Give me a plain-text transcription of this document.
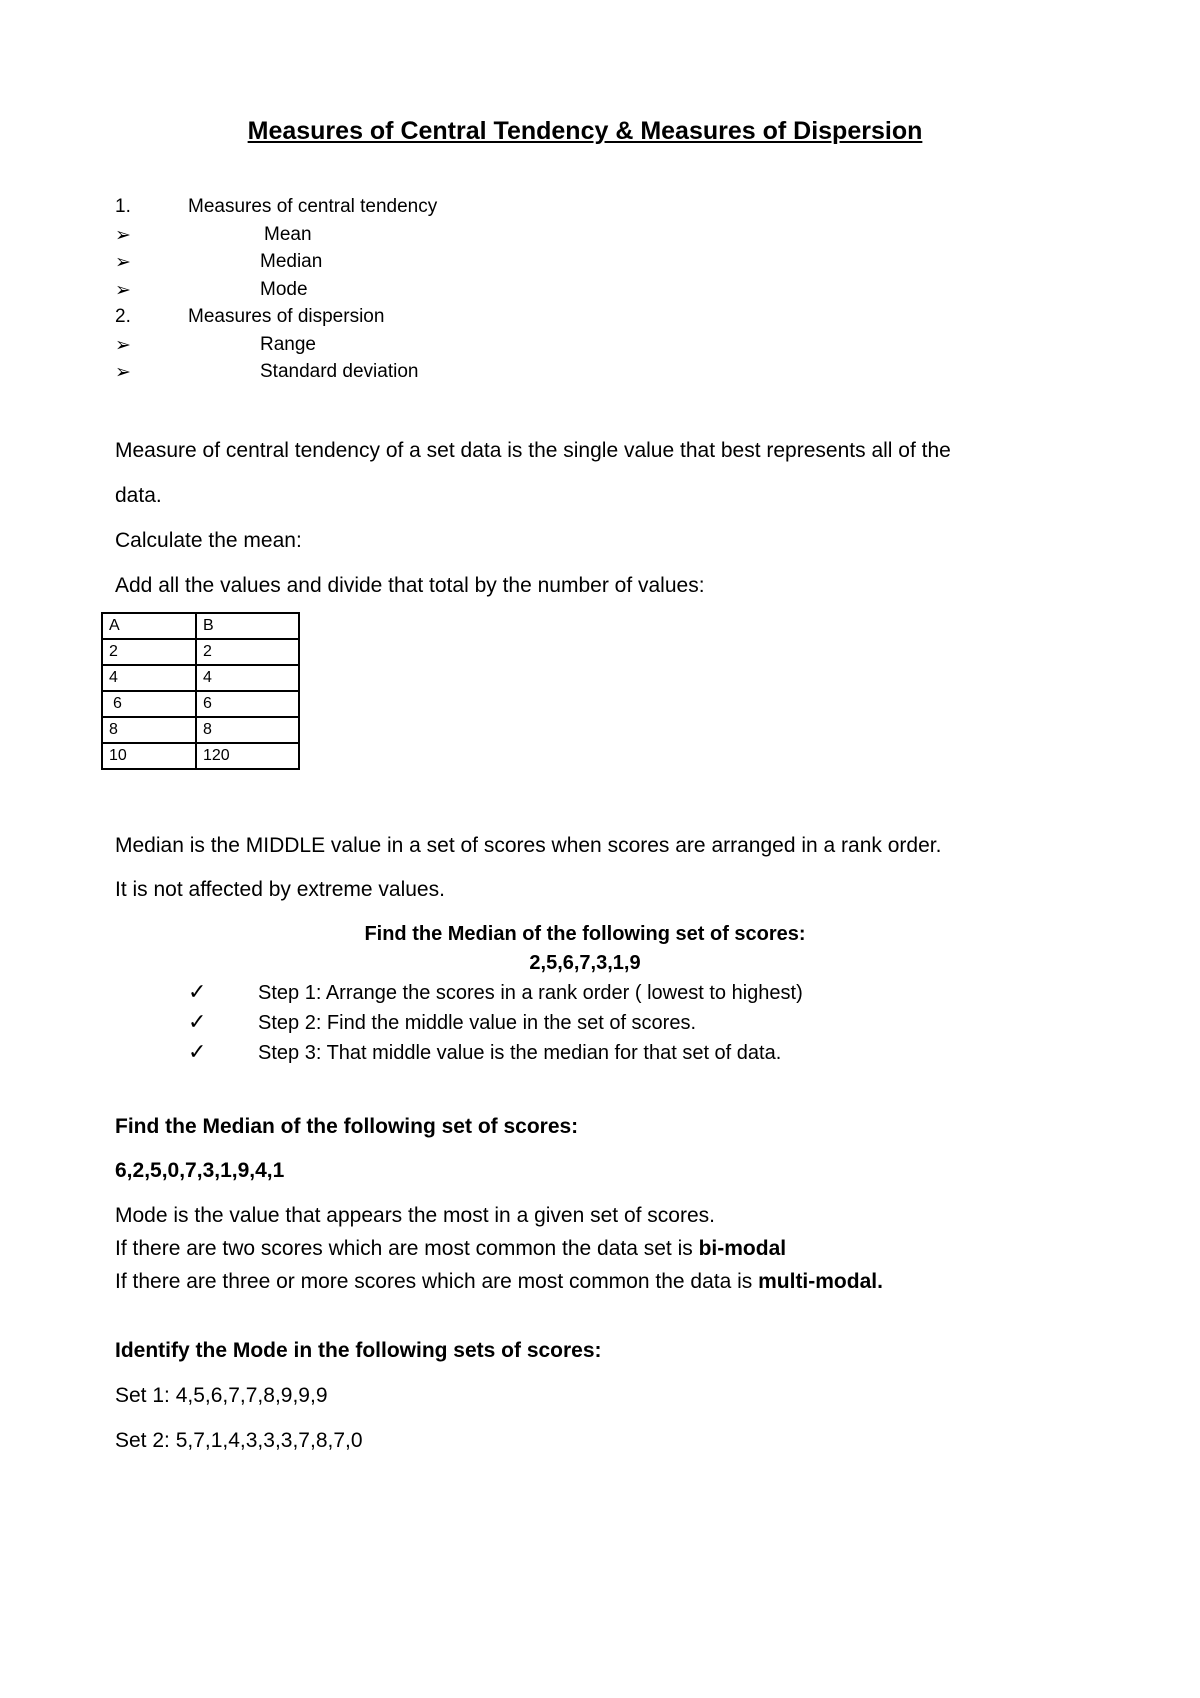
Measures of Central Tendency & Measures of Dispersion
1.	Measures of central tendency
➢	Mean
➢	Median
➢	Mode
2.	Measures of dispersion
➢	Range
➢	Standard deviation
Measure of central tendency of a set data is the single value that best represents all of the
data.
Calculate the mean:
Add all the values and divide that total by the number of values:
A	B
2	2
4	4
6	6
8	8
10	120
Median is the MIDDLE value in a set of scores when scores are arranged in a rank order.
It is not affected by extreme values.
Find the Median of the following set of scores:
2,5,6,7,3,1,9
✓	Step 1: Arrange the scores in a rank order ( lowest to highest)
✓	Step 2: Find the middle value in the set of scores.
✓	Step 3: That middle value is the median for that set of data.
Find the Median of the following set of scores:
6,2,5,0,7,3,1,9,4,1
Mode is the value that appears the most in a given set of scores.
If there are two scores which are most common the data set is bi-modal
If there are three or more scores which are most common the data is multi-modal.
Identify the Mode in the following sets of scores:
Set 1: 4,5,6,7,7,8,9,9,9
Set 2: 5,7,1,4,3,3,3,7,8,7,0
